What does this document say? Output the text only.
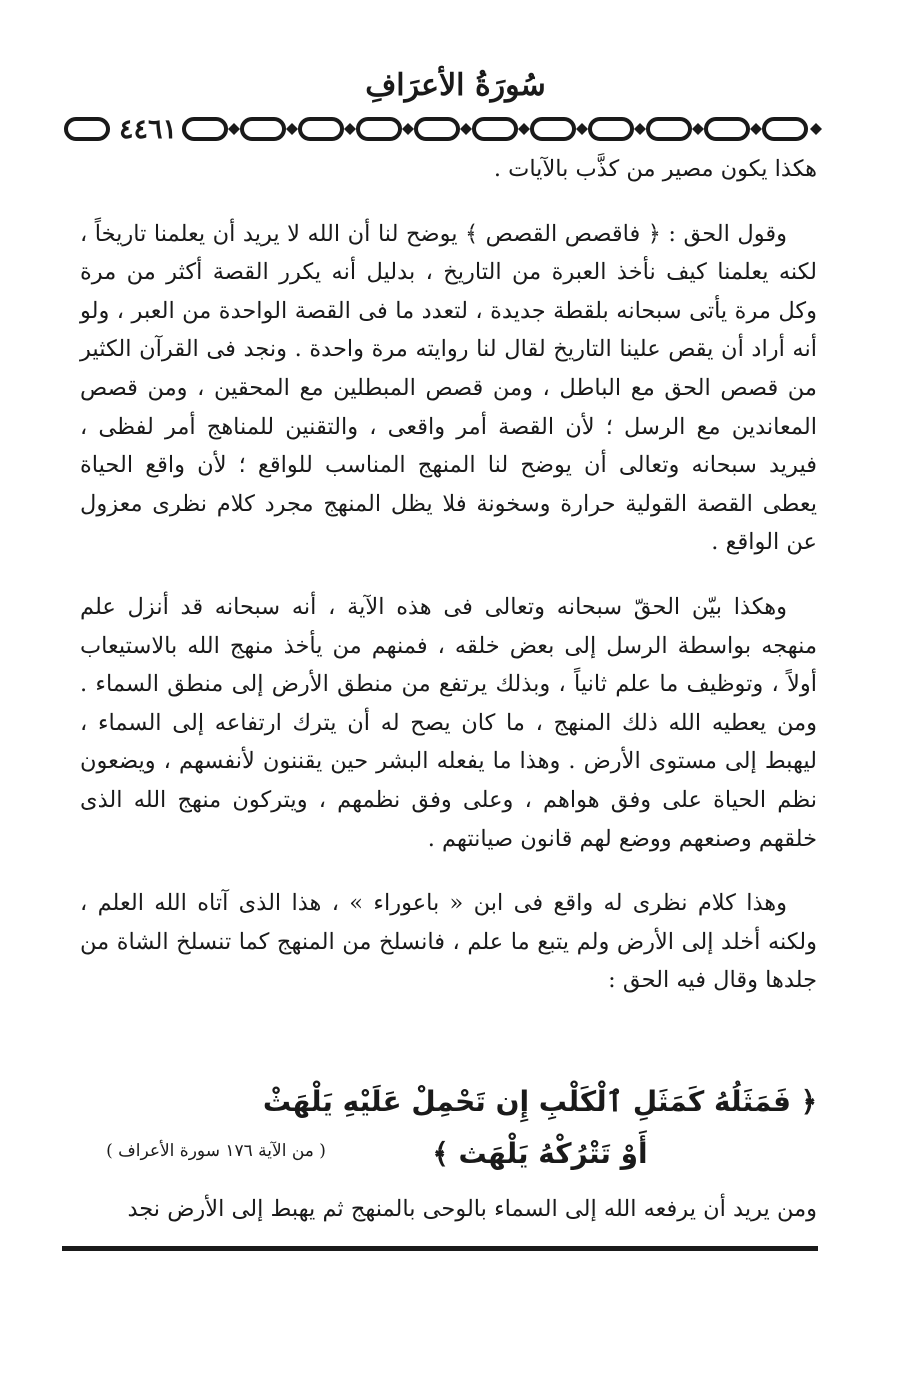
سُورَةُ الأعرَافِ
٤٤٦١

هكذا يكون مصير من كذَّب بالآيات .

وقول الحق : ﴿ فاقصص القصص ﴾ يوضح لنا أن الله لا يريد أن يعلمنا تاريخاً ، لكنه يعلمنا كيف نأخذ العبرة من التاريخ ، بدليل أنه يكرر القصة أكثر من مرة وكل مرة يأتى سبحانه بلقطة جديدة ، لتعدد ما فى القصة الواحدة من العبر ، ولو أنه أراد أن يقص علينا التاريخ لقال لنا روايته مرة واحدة . ونجد فى القرآن الكثير من قصص الحق مع الباطل ، ومن قصص المبطلين مع المحقين ، ومن قصص المعاندين مع الرسل ؛ لأن القصة أمر واقعى ، والتقنين للمناهج أمر لفظى ، فيريد سبحانه وتعالى أن يوضح لنا المنهج المناسب للواقع ؛ لأن واقع الحياة يعطى القصة القولية حرارة وسخونة فلا يظل المنهج مجرد كلام نظرى معزول عن الواقع .

وهكذا بيّن الحقّ سبحانه وتعالى فى هذه الآية ، أنه سبحانه قد أنزل علم منهجه بواسطة الرسل إلى بعض خلقه ، فمنهم من يأخذ منهج الله بالاستيعاب أولاً ، وتوظيف ما علم ثانياً ، وبذلك يرتفع من منطق الأرض إلى منطق السماء . ومن يعطيه الله ذلك المنهج ، ما كان يصح له أن يترك ارتفاعه إلى السماء ، ليهبط إلى مستوى الأرض . وهذا ما يفعله البشر حين يقننون لأنفسهم ، ويضعون نظم الحياة على وفق هواهم ، وعلى وفق نظمهم ، ويتركون منهج الله الذى خلقهم وصنعهم ووضع لهم قانون صيانتهم .

وهذا كلام نظرى له واقع فى ابن « باعوراء » ، هذا الذى آتاه الله العلم ، ولكنه أخلد إلى الأرض ولم يتبع ما علم ، فانسلخ من المنهج كما تنسلخ الشاة من جلدها وقال فيه الحق :

﴿ فَمَثَلُهُ كَمَثَلِ ٱلْكَلْبِ إِن تَحْمِلْ عَلَيْهِ يَلْهَثْ أَوْ تَتْرُكْهُ يَلْهَث ﴾
( من الآية ١٧٦ سورة الأعراف )
ومن يريد أن يرفعه الله إلى السماء بالوحى بالمنهج ثم يهبط إلى الأرض نجد
